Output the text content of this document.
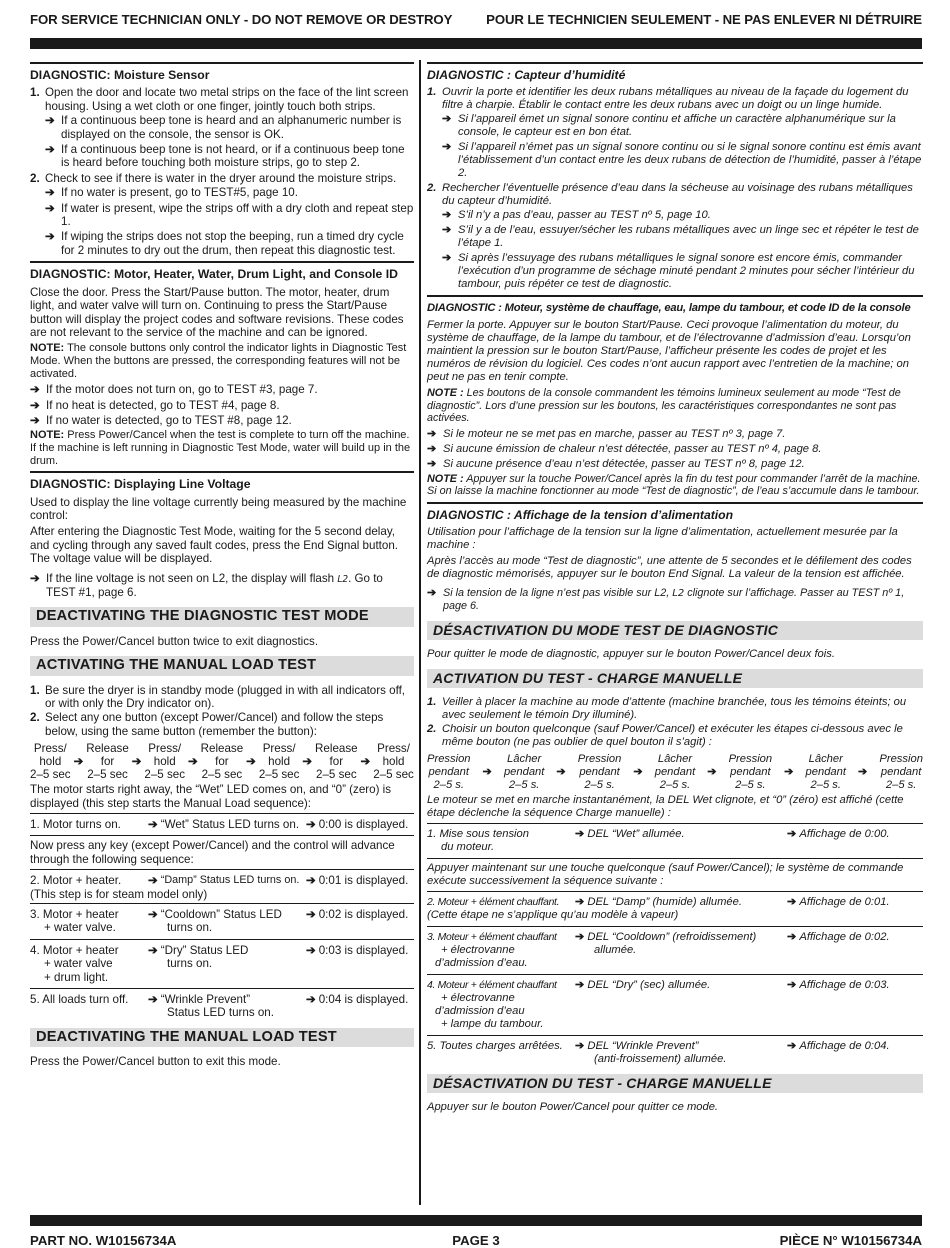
FOR SERVICE TECHNICIAN ONLY - DO NOT REMOVE OR DESTROY	POUR LE TECHNICIEN SEULEMENT - NE PAS ENLEVER NI DÉTRUIRE
DIAGNOSTIC: Moisture Sensor
1. Open the door and locate two metal strips on the face of the lint screen housing. Using a wet cloth or one finger, jointly touch both strips.
➔ If a continuous beep tone is heard and an alphanumeric number is displayed on the console, the sensor is OK.
➔ If a continuous beep tone is not heard, or if a continuous beep tone is heard before touching both moisture strips, go to step 2.
2. Check to see if there is water in the dryer around the moisture strips.
➔ If no water is present, go to TEST#5, page 10.
➔ If water is present, wipe the strips off with a dry cloth and repeat step 1.
➔ If wiping the strips does not stop the beeping, run a timed dry cycle for 2 minutes to dry out the drum, then repeat this diagnostic test.
DIAGNOSTIC: Motor, Heater, Water, Drum Light, and Console ID

Close the door. Press the Start/Pause button. The motor, heater, drum light, and water valve will turn on. Continuing to press the Start/Pause button will display the project codes and software revisions. These codes are not relevant to the service of the machine and can be ignored.

NOTE: The console buttons only control the indicator lights in Diagnostic Test Mode. When the buttons are pressed, the corresponding features will not be activated.

➔ If the motor does not turn on, go to TEST #3, page 7.
➔ If no heat is detected, go to TEST #4, page 8.
➔ If no water is detected, go to TEST #8, page 12.

NOTE: Press Power/Cancel when the test is complete to turn off the machine. If the machine is left running in Diagnostic Test Mode, water will build up in the drum.

DIAGNOSTIC: Displaying Line Voltage

Used to display the line voltage currently being measured by the machine control:

After entering the Diagnostic Test Mode, waiting for the 5 second delay, and cycling through any saved fault codes, press the End Signal button. The voltage value will be displayed.

➔ If the line voltage is not seen on L2, the display will flash L2. Go to TEST #1, page 6.
DEACTIVATING THE DIAGNOSTIC TEST MODE

Press the Power/Cancel button twice to exit diagnostics.

ACTIVATING THE MANUAL LOAD TEST
1. Be sure the dryer is in standby mode (plugged in with all indicators off, or with only the Dry indicator on).
2. Select any one button (except Power/Cancel) and follow the steps below, using the same button (remember the button):
Press/
hold
2–5 sec
➔
Release
for
2–5 sec
➔
Press/
hold
2–5 sec
➔
Release
for
2–5 sec
➔
Press/
hold
2–5 sec
➔
Release
for
2–5 sec
➔
Press/
hold
2–5 sec

The motor starts right away, the “Wet” LED comes on, and “0” (zero) is displayed (this step starts the Manual Load sequence):

1. Motor turns on.	➔ “Wet” Status LED turns on. ➔ 0:00 is displayed.

Now press any key (except Power/Cancel) and the control will advance through the following sequence:

2. Motor + heater.	➔ “Damp” Status LED turns on. ➔ 0:01 is displayed.
(This step is for steam model only)
3. Motor + heater	➔ “Cooldown” Status LED ➔ 0:02 is displayed.
+ water valve.	turns on.
4. Motor + heater	➔ “Dry” Status LED	➔ 0:03 is displayed.
+ water valve	turns on.
+ drum light.
5. All loads turn off.	➔ “Wrinkle Prevent”	➔ 0:04 is displayed.
Status LED turns on.
DEACTIVATING THE MANUAL LOAD TEST

Press the Power/Cancel button to exit this mode.

DIAGNOSTIC : Capteur d’humidité
1. Ouvrir la porte et identifier les deux rubans métalliques au niveau de la façade du logement du filtre à charpie. Établir le contact entre les deux rubans avec un doigt ou un linge humide.
➔ Si l’appareil émet un signal sonore continu et affiche un caractère alphanumérique sur la console, le capteur est en bon état.
➔ Si l’appareil n’émet pas un signal sonore continu ou si le signal sonore continu est émis avant l’établissement d’un contact entre les deux rubans de détection de l’humidité, passer à l’étape 2.
2. Rechercher l’éventuelle présence d’eau dans la sécheuse au voisinage des rubans métalliques du capteur d’humidité.
➔ S’il n’y a pas d’eau, passer au TEST nº 5, page 10.
➔ S’il y a de l’eau, essuyer/sécher les rubans métalliques avec un linge sec et répéter le test de l’étape 1.
➔ Si après l’essuyage des rubans métalliques le signal sonore est encore émis, commander l’exécution d’un programme de séchage minuté pendant 2 minutes pour sécher l’intérieur du tambour, puis répéter ce test de diagnostic.
DIAGNOSTIC : Moteur, système de chauffage, eau, lampe du tambour, et code ID de la console

Fermer la porte. Appuyer sur le bouton Start/Pause. Ceci provoque l’alimentation du moteur, du système de chauffage, de la lampe du tambour, et de l’électrovanne d’admission d’eau. Lorsqu’on maintient la pression sur le bouton Start/Pause, l’afficheur présente les codes de projet et les numéros de révision du logiciel. Ces codes n’ont aucun rapport avec l’entretien de la machine; on peut ne pas en tenir compte.

NOTE : Les boutons de la console commandent les témoins lumineux seulement au mode “Test de diagnostic”. Lors d’une pression sur les boutons, les caractéristiques correspondantes ne sont pas activées.

➔ Si le moteur ne se met pas en marche, passer au TEST nº 3, page 7.
➔ Si aucune émission de chaleur n’est détectée, passer au TEST nº 4, page 8.
➔ Si aucune présence d’eau n’est détectée, passer au TEST nº 8, page 12.

NOTE : Appuyer sur la touche Power/Cancel après la fin du test pour commander l’arrêt de la machine. Si on laisse la machine fonctionner au mode “Test de diagnostic”, de l’eau s’accumule dans le tambour.

DIAGNOSTIC : Affichage de la tension d’alimentation

Utilisation pour l’affichage de la tension sur la ligne d’alimentation, actuellement mesurée par la machine :

Après l’accès au mode “Test de diagnostic”, une attente de 5 secondes et le défilement des codes de diagnostic mémorisés, appuyer sur le bouton End Signal. La valeur de la tension est affichée.

➔ Si la tension de la ligne n’est pas visible sur L2, L2 clignote sur l’affichage. Passer au TEST nº 1, page 6.
DÉSACTIVATION DU MODE TEST DE DIAGNOSTIC

Pour quitter le mode de diagnostic, appuyer sur le bouton Power/Cancel deux fois.

ACTIVATION DU TEST - CHARGE MANUELLE
1. Veiller à placer la machine au mode d’attente (machine branchée, tous les témoins éteints; ou avec seulement le témoin Dry illuminé).
2. Choisir un bouton quelconque (sauf Power/Cancel) et exécuter les étapes ci-dessous avec le même bouton (ne pas oublier de quel bouton il s’agit) :
Pression
pendant
2–5 s.
➔
Lâcher
pendant
2–5 s.
➔
Pression
pendant
2–5 s.
➔
Lâcher
pendant
2–5 s.
➔
Pression
pendant
2–5 s.
➔
Lâcher
pendant
2–5 s.
➔
Pression
pendant
2–5 s.

Le moteur se met en marche instantanément, la DEL Wet clignote, et “0” (zéro) est affiché (cette étape déclenche la séquence Charge manuelle) :

1. Mise sous tension	➔ DEL “Wet” allumée.	➔ Affichage de 0:00.
du moteur.

Appuyer maintenant sur une touche quelconque (sauf Power/Cancel); le système de commande exécute successivement la séquence suivante :

2. Moteur + élément chauffant.	➔ DEL “Damp” (humide) allumée.	➔ Affichage de 0:01.
(Cette étape ne s’applique qu’au modèle à vapeur)
3. Moteur + élément chauffant	➔ DEL “Cooldown” (refroidissement)	➔ Affichage de 0:02.
+ électrovanne	allumée.
d’admission d’eau.
4. Moteur + élément chauffant	➔ DEL “Dry” (sec) allumée.	➔ Affichage de 0:03.
+ électrovanne
d’admission d’eau
+ lampe du tambour.
5. Toutes charges arrêtées.	➔ DEL “Wrinkle Prevent”	➔ Affichage de 0:04.
(anti-froissement) allumée.
DÉSACTIVATION DU TEST - CHARGE MANUELLE

Appuyer sur le bouton Power/Cancel pour quitter ce mode.

PART NO. W10156734A	PAGE 3	PIÈCE N° W10156734A
